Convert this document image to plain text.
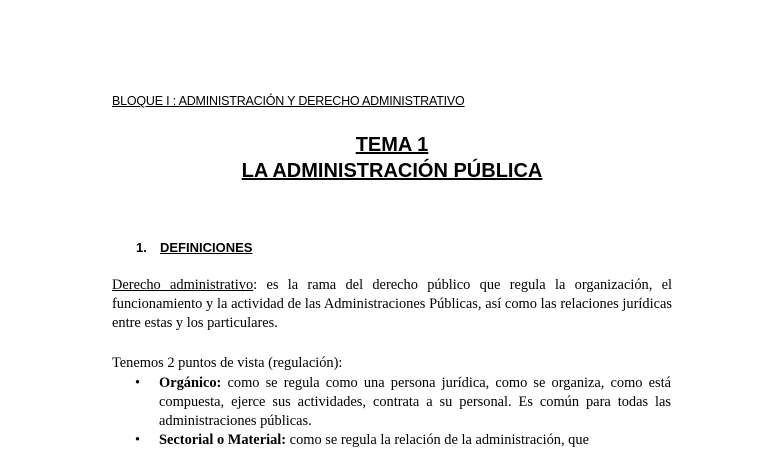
BLOQUE I : ADMINISTRACIÓN Y DERECHO ADMINISTRATIVO
TEMA 1
LA ADMINISTRACIÓN PÚBLICA
1. DEFINICIONES

Derecho administrativo: es la rama del derecho público que regula la organización, el funcionamiento y la actividad de las Administraciones Públicas, así como las relaciones jurídicas entre estas y los particulares.

Tenemos 2 puntos de vista (regulación):

• Orgánico: como se regula como una persona jurídica, como se organiza, como está compuesta, ejerce sus actividades, contrata a su personal. Es común para todas las administraciones públicas.
• Sectorial o Material: como se regula la relación de la administración, que
